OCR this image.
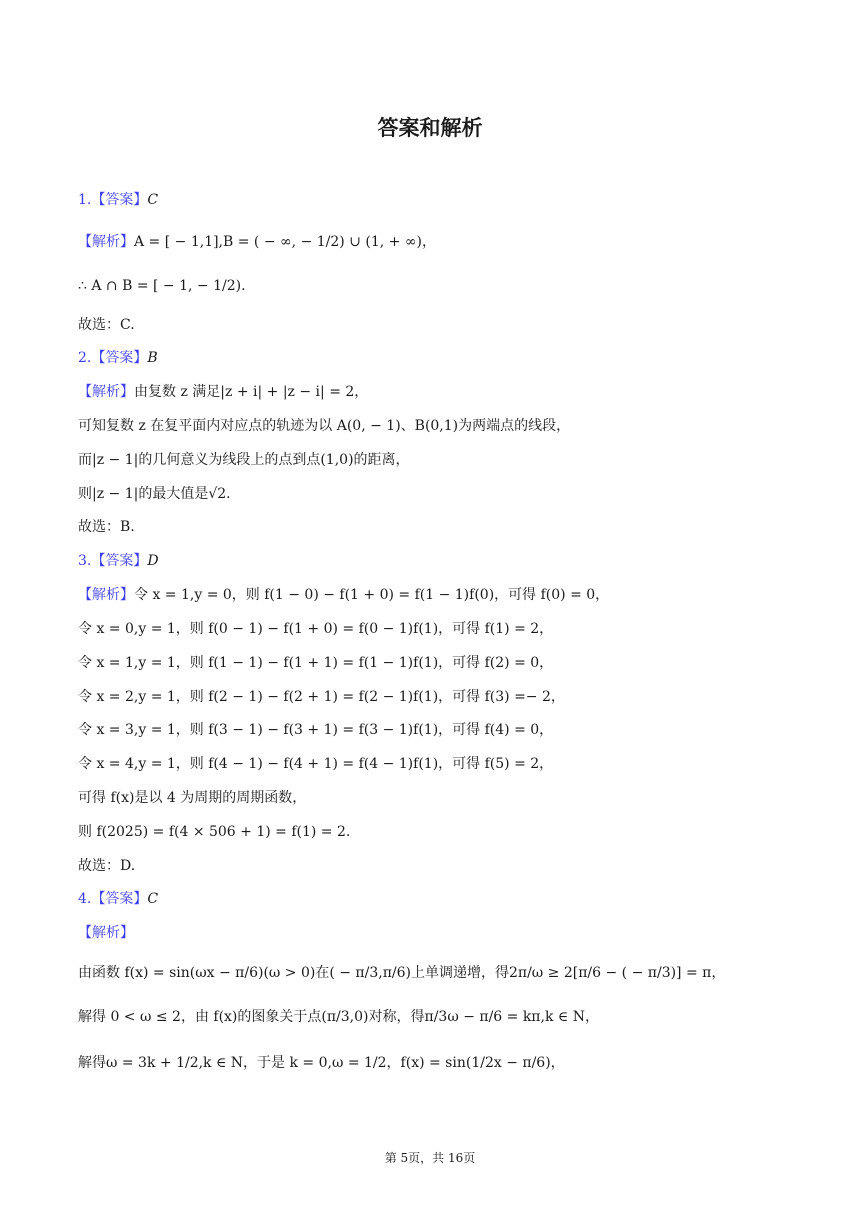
答案和解析
1.【答案】C
【解析】A = [ − 1,1],B = ( − ∞, − 1/2) ∪ (1, + ∞)，
∴ A ∩ B = [ − 1, − 1/2).
故选：C.
2.【答案】B
【解析】由复数 z 满足|z + i| + |z − i| = 2，
可知复数 z 在复平面内对应点的轨迹为以 A(0, − 1)、B(0,1)为两端点的线段，
而|z − 1|的几何意义为线段上的点到点(1,0)的距离，
则|z − 1|的最大值是√2.
故选：B.
3.【答案】D
【解析】令 x = 1,y = 0，则 f(1 − 0) − f(1 + 0) = f(1 − 1)f(0)，可得 f(0) = 0，
令 x = 0,y = 1，则 f(0 − 1) − f(1 + 0) = f(0 − 1)f(1)，可得 f(1) = 2，
令 x = 1,y = 1，则 f(1 − 1) − f(1 + 1) = f(1 − 1)f(1)，可得 f(2) = 0，
令 x = 2,y = 1，则 f(2 − 1) − f(2 + 1) = f(2 − 1)f(1)，可得 f(3) =− 2，
令 x = 3,y = 1，则 f(3 − 1) − f(3 + 1) = f(3 − 1)f(1)，可得 f(4) = 0，
令 x = 4,y = 1，则 f(4 − 1) − f(4 + 1) = f(4 − 1)f(1)，可得 f(5) = 2，
可得 f(x)是以 4 为周期的周期函数，
则 f(2025) = f(4 × 506 + 1) = f(1) = 2.
故选：D.
4.【答案】C
【解析】
由函数 f(x) = sin(ωx − π/6)(ω > 0)在( − π/3,π/6)上单调递增，得2π/ω ≥ 2[π/6 − ( − π/3)] = π，
解得 0 < ω ≤ 2，由 f(x)的图象关于点(π/3,0)对称，得π/3ω − π/6 = kπ,k ∈ N，
解得ω = 3k + 1/2,k ∈ N，于是 k = 0,ω = 1/2，f(x) = sin(1/2x − π/6)，
第 5页，共 16页
